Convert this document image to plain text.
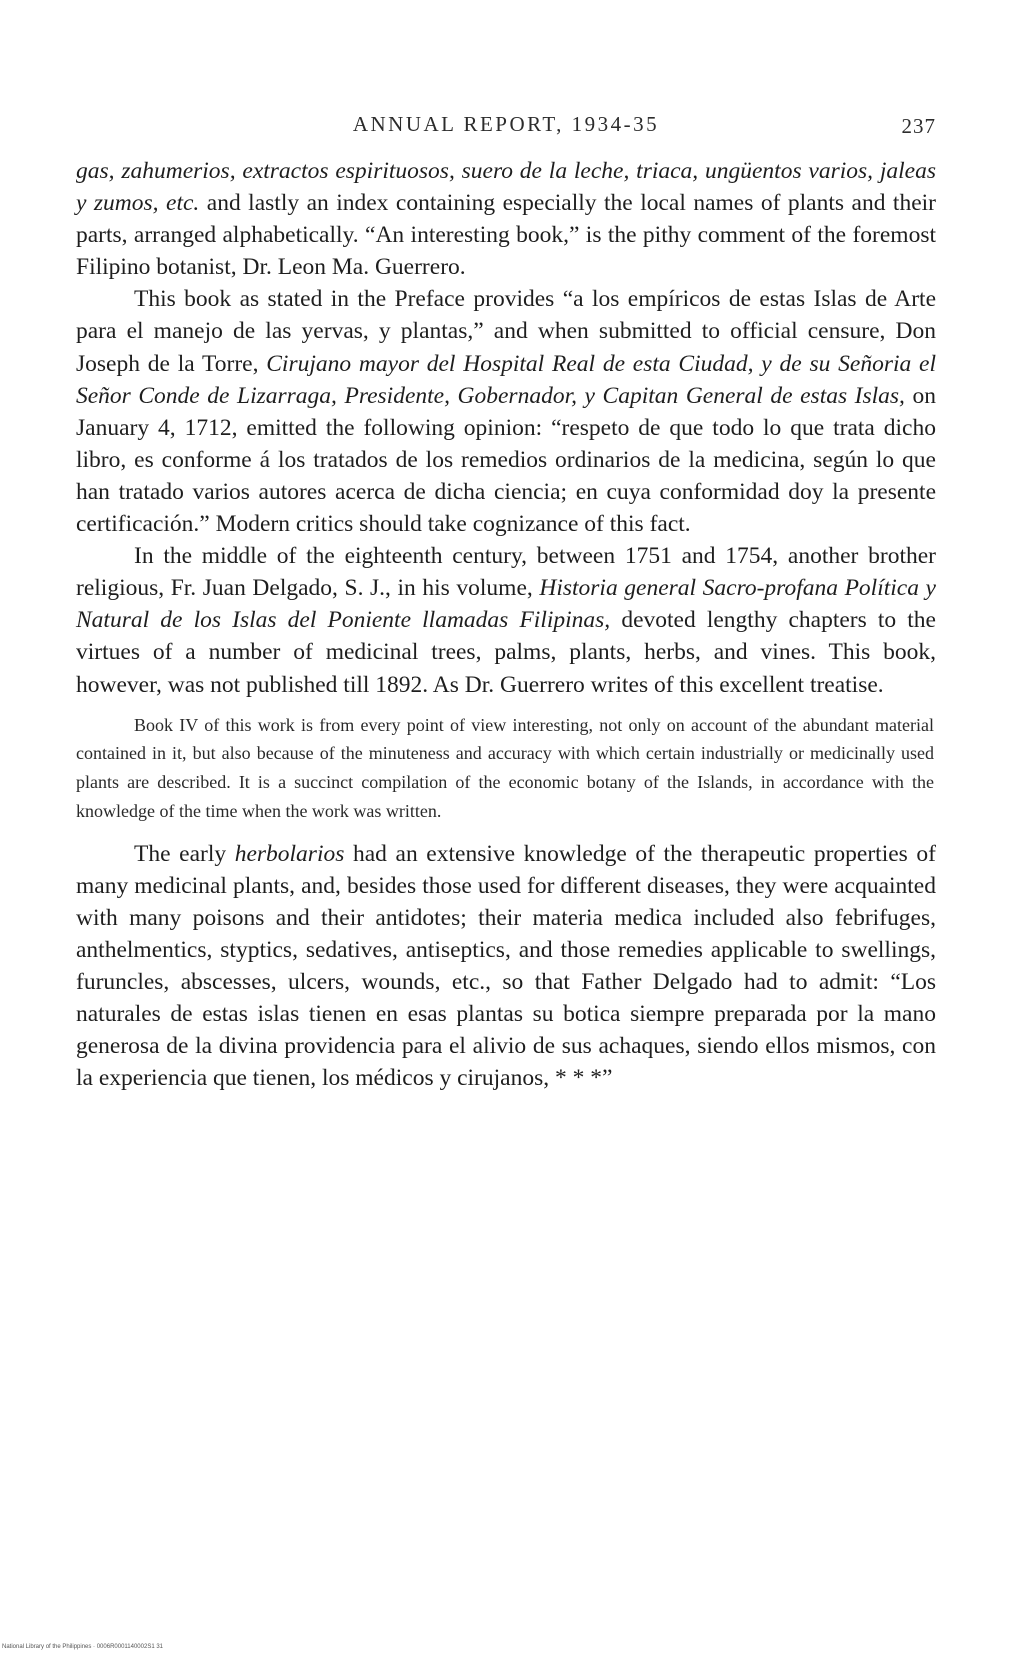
ANNUAL REPORT, 1934-35	237

gas, zahumerios, extractos espirituosos, suero de la leche, triaca, ungüentos varios, jaleas y zumos, etc. and lastly an index containing especially the local names of plants and their parts, arranged alphabetically. “An interesting book,” is the pithy comment of the foremost Filipino botanist, Dr. Leon Ma. Guerrero.

This book as stated in the Preface provides “a los empíricos de estas Islas de Arte para el manejo de las yervas, y plantas,” and when submitted to official censure, Don Joseph de la Torre, Cirujano mayor del Hospital Real de esta Ciudad, y de su Señoria el Señor Conde de Lizarraga, Presidente, Gobernador, y Capitan General de estas Islas, on January 4, 1712, emitted the following opinion: “respeto de que todo lo que trata dicho libro, es conforme á los tratados de los remedios ordinarios de la medicina, según lo que han tratado varios autores acerca de dicha ciencia; en cuya conformidad doy la presente certificación.” Modern critics should take cognizance of this fact.

In the middle of the eighteenth century, between 1751 and 1754, another brother religious, Fr. Juan Delgado, S. J., in his volume, Historia general Sacro-profana Política y Natural de los Islas del Poniente llamadas Filipinas, devoted lengthy chapters to the virtues of a number of medicinal trees, palms, plants, herbs, and vines. This book, however, was not published till 1892. As Dr. Guerrero writes of this excellent treatise.

Book IV of this work is from every point of view interesting, not only on account of the abundant material contained in it, but also because of the minuteness and accuracy with which certain industrially or medicinally used plants are described. It is a succinct compilation of the economic botany of the Islands, in accordance with the knowledge of the time when the work was written.

The early herbolarios had an extensive knowledge of the therapeutic properties of many medicinal plants, and, besides those used for different diseases, they were acquainted with many poisons and their antidotes; their materia medica included also febrifuges, anthelmentics, styptics, sedatives, antiseptics, and those remedies applicable to swellings, furuncles, abscesses, ulcers, wounds, etc., so that Father Delgado had to admit: “Los naturales de estas islas tienen en esas plantas su botica siempre preparada por la mano generosa de la divina providencia para el alivio de sus achaques, siendo ellos mismos, con la experiencia que tienen, los médicos y cirujanos, * * *”

National Library of the Philippines · 0006R0001140002S1 31
